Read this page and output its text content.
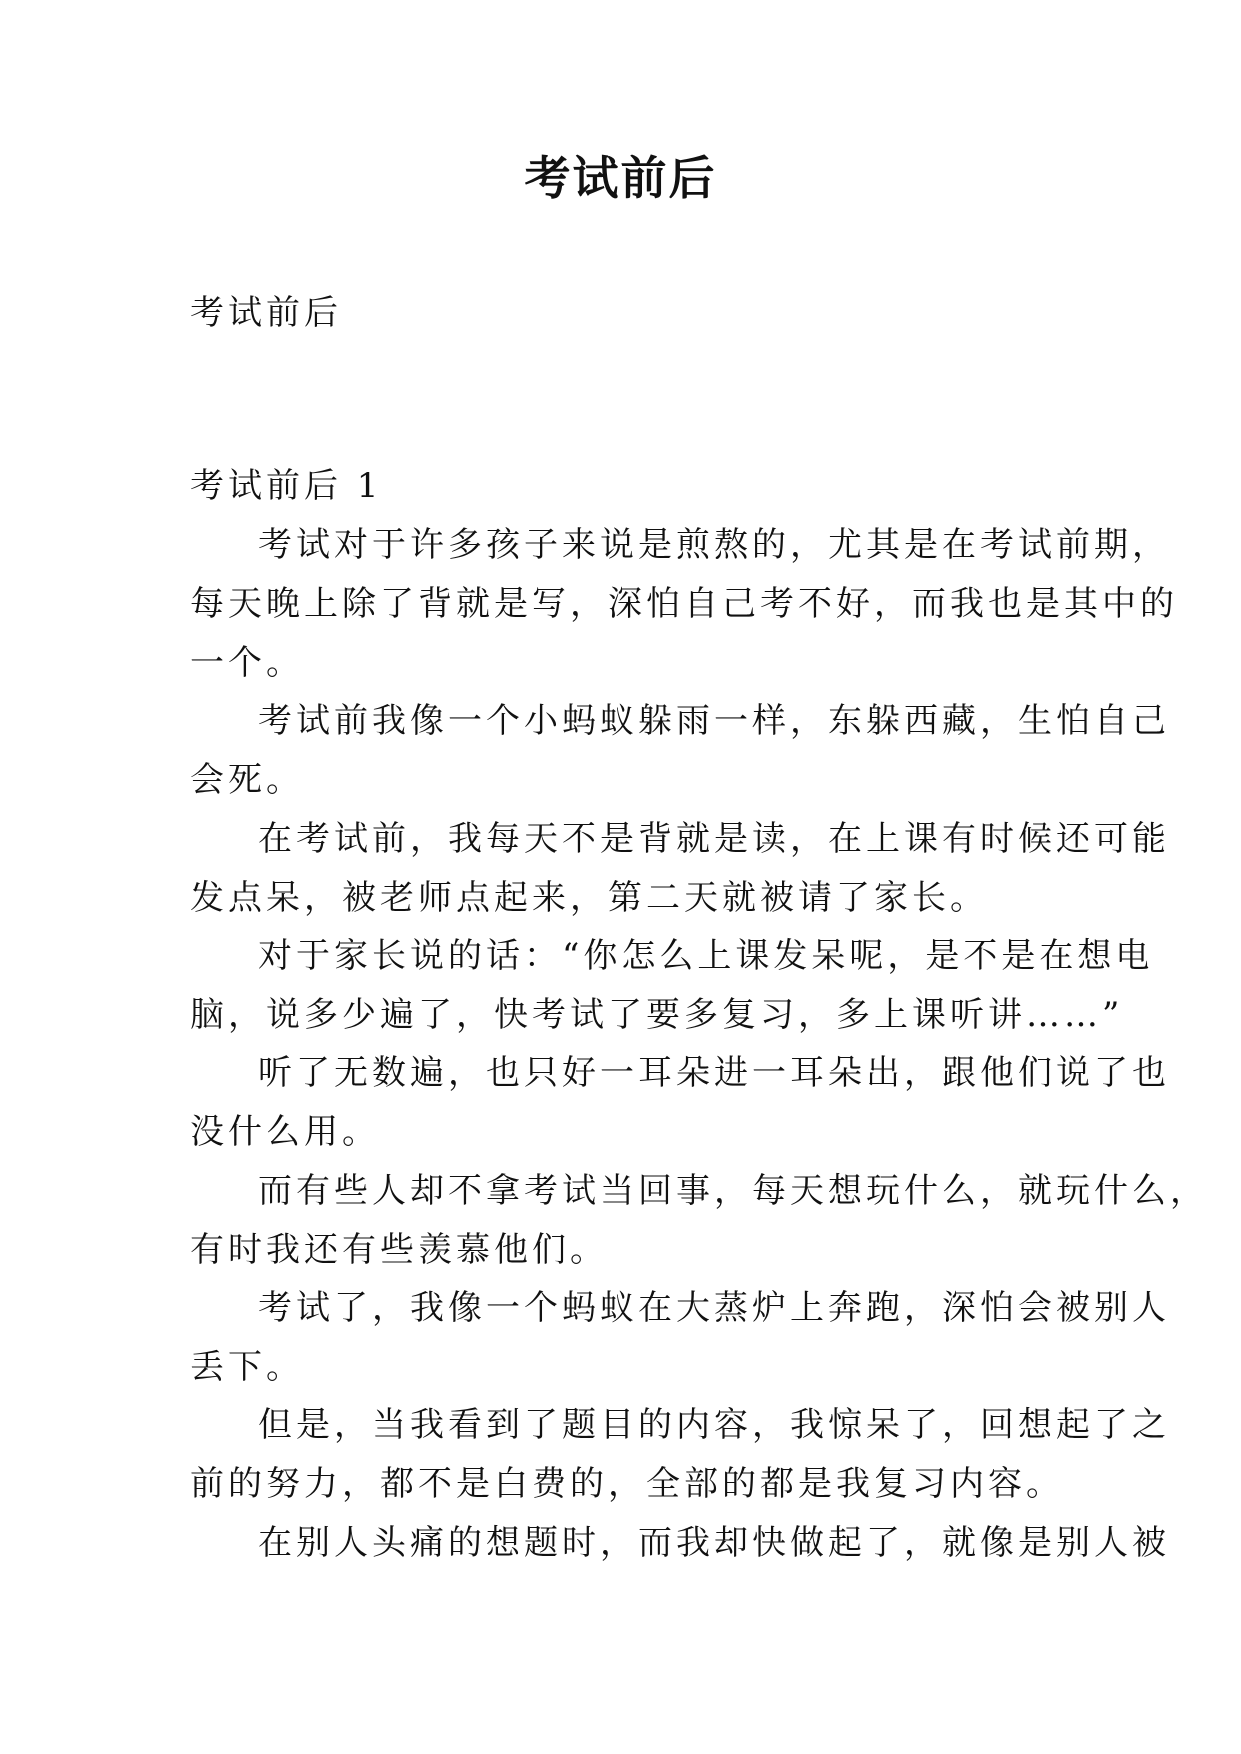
考试前后
考试前后
考试前后 1
考试对于许多孩子来说是煎熬的，尤其是在考试前期，
每天晚上除了背就是写，深怕自己考不好，而我也是其中的
一个。
考试前我像一个小蚂蚁躲雨一样，东躲西藏，生怕自己
会死。
在考试前，我每天不是背就是读，在上课有时候还可能
发点呆，被老师点起来，第二天就被请了家长。
对于家长说的话：“你怎么上课发呆呢，是不是在想电
脑，说多少遍了，快考试了要多复习，多上课听讲……”
听了无数遍，也只好一耳朵进一耳朵出，跟他们说了也
没什么用。
而有些人却不拿考试当回事，每天想玩什么，就玩什么，
有时我还有些羡慕他们。
考试了，我像一个蚂蚁在大蒸炉上奔跑，深怕会被别人
丢下。
但是，当我看到了题目的内容，我惊呆了，回想起了之
前的努力，都不是白费的，全部的都是我复习内容。
在别人头痛的想题时，而我却快做起了，就像是别人被
